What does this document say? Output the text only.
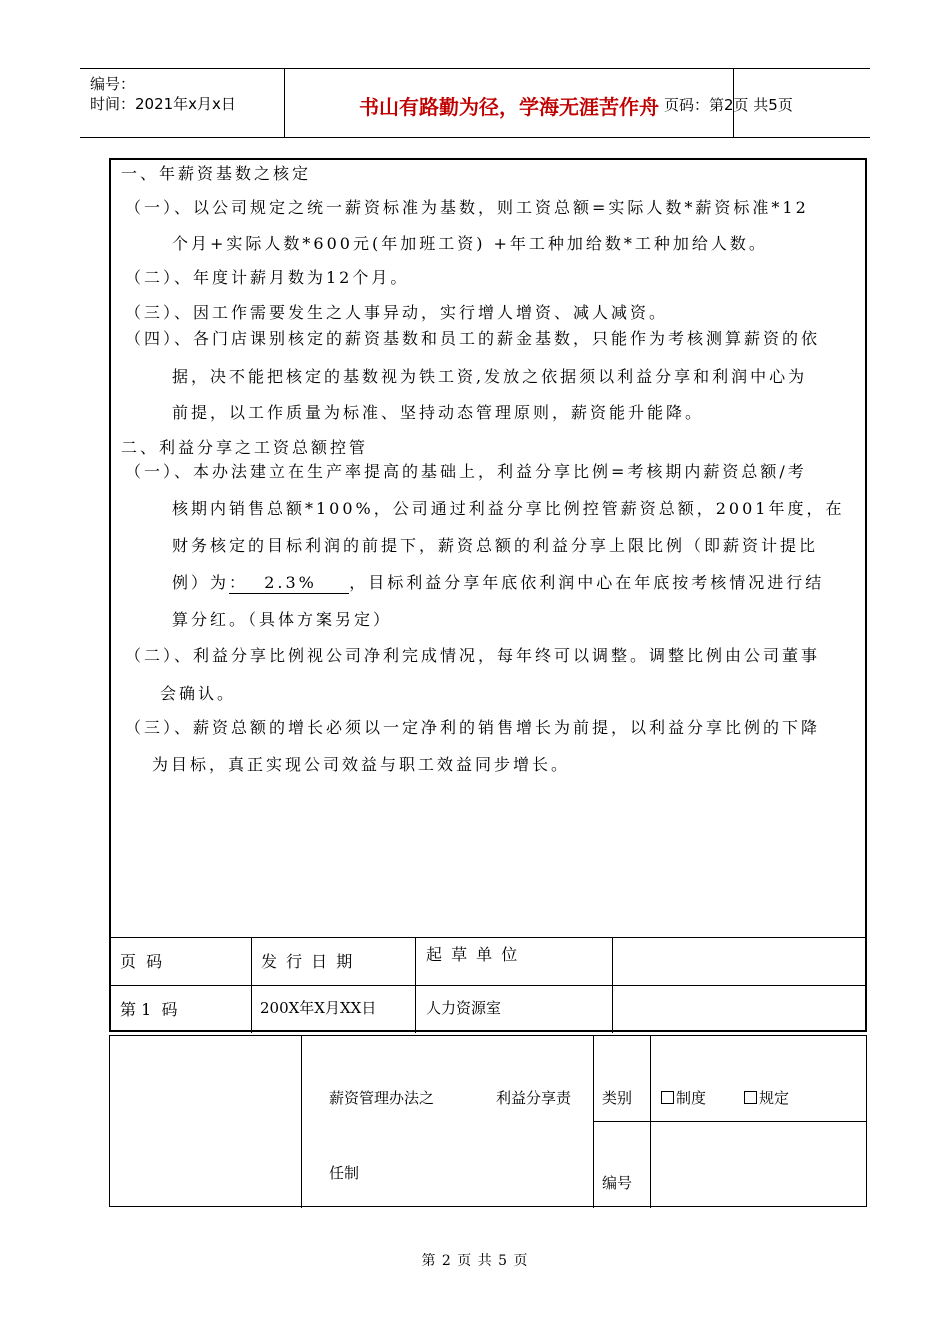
编号：
时间：2021年x月x日	书山有路勤为径，学海无涯苦作舟 页码：第2页 共5页
一、年薪资基数之核定
（一）、以公司规定之统一薪资标准为基数，则工资总额=实际人数*薪资标准*12
个月+实际人数*600元(年加班工资) +年工种加给数*工种加给人数。
（二）、年度计薪月数为12个月。
（三）、因工作需要发生之人事异动，实行增人增资、减人减资。
（四）、各门店课别核定的薪资基数和员工的薪金基数，只能作为考核测算薪资的依
据，决不能把核定的基数视为铁工资,发放之依据须以利益分享和利润中心为
前提，以工作质量为标准、坚持动态管理原则，薪资能升能降。
二、利益分享之工资总额控管
（一）、本办法建立在生产率提高的基础上，利益分享比例=考核期内薪资总额/考
核期内销售总额*100%，公司通过利益分享比例控管薪资总额，2001年度，在
财务核定的目标利润的前提下，薪资总额的利益分享上限比例（即薪资计提比
例）为：  2.3%    ，目标利益分享年底依利润中心在年底按考核情况进行结
算分红。（具体方案另定）
（二）、利益分享比例视公司净利完成情况，每年终可以调整。调整比例由公司董事
会确认。
（三）、薪资总额的增长必须以一定净利的销售增长为前提，以利益分享比例的下降
为目标，真正实现公司效益与职工效益同步增长。
页  码	发 行 日 期	起 草 单 位
第 1  码	200X年X月XX日	人力资源室
薪资管理办法之	利益分享责
任制
类别	制度	规定
编号
第 2 页 共 5 页
